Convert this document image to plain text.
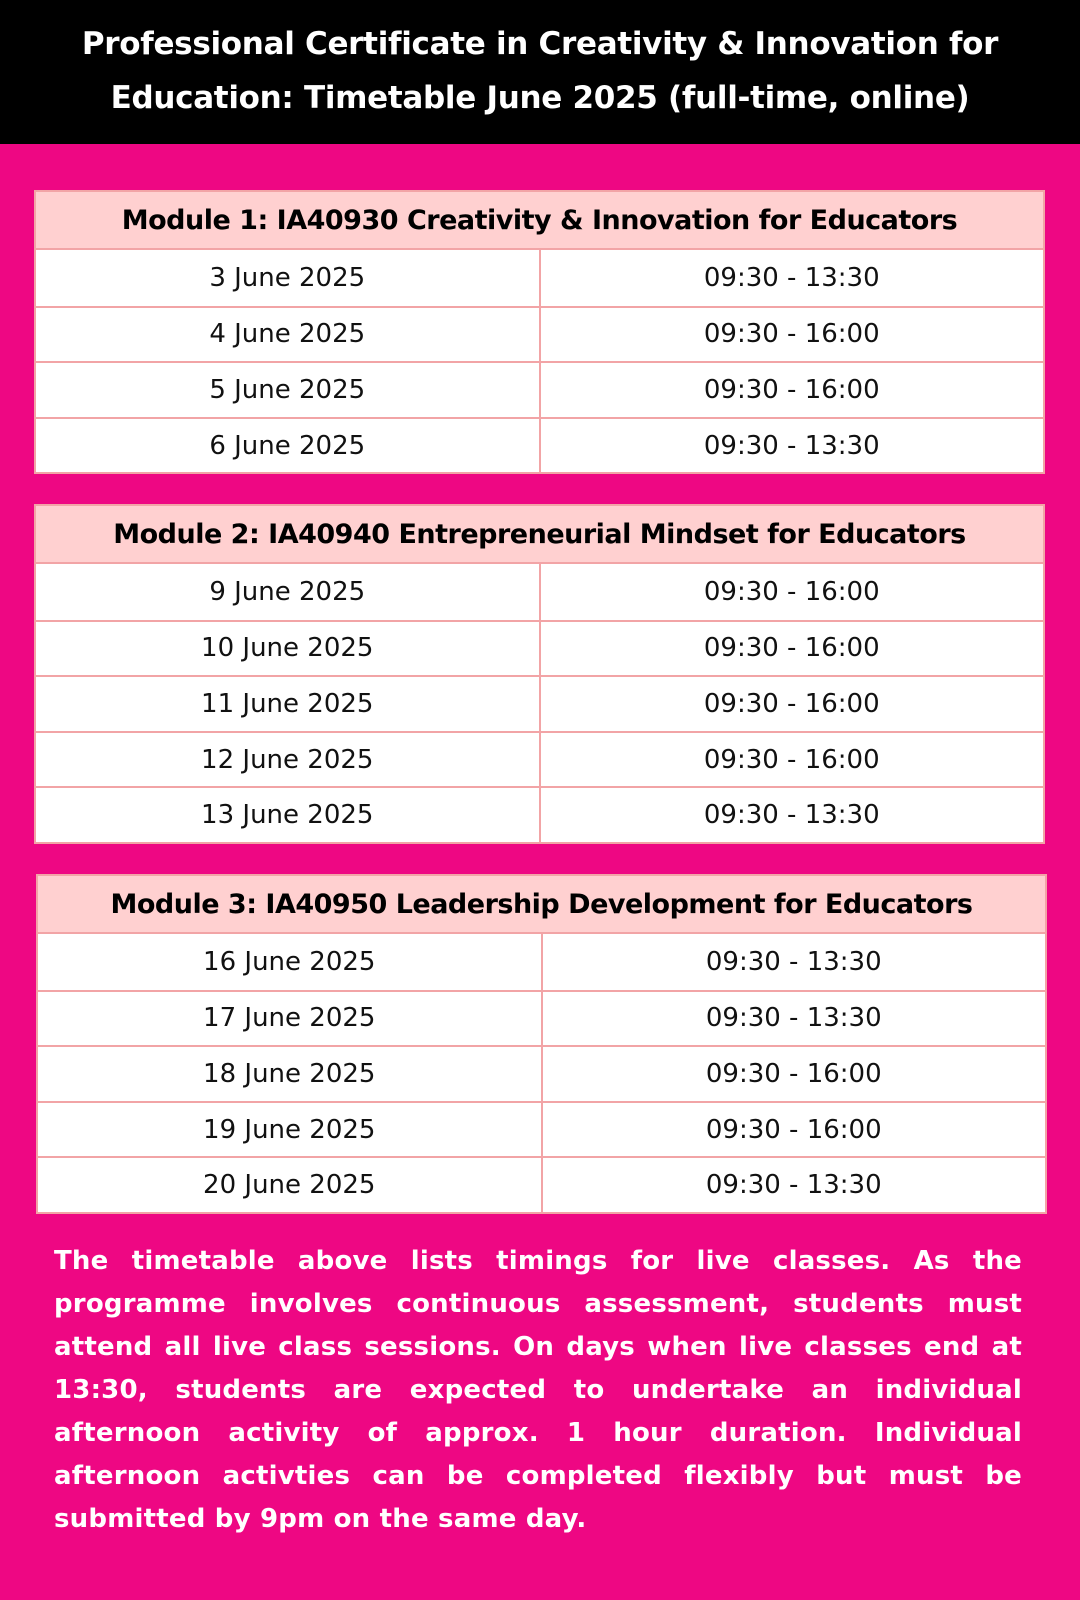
Professional Certificate in Creativity & Innovation for Education: Timetable June 2025 (full-time, online)
Module 1: IA40930 Creativity & Innovation for Educators
3 June 2025	09:30 - 13:30
4 June 2025	09:30 - 16:00
5 June 2025	09:30 - 16:00
6 June 2025	09:30 - 13:30
Module 2: IA40940 Entrepreneurial Mindset for Educators
9 June 2025	09:30 - 16:00
10 June 2025	09:30 - 16:00
11 June 2025	09:30 - 16:00
12 June 2025	09:30 - 16:00
13 June 2025	09:30 - 13:30
Module 3: IA40950 Leadership Development for Educators
16 June 2025	09:30 - 13:30
17 June 2025	09:30 - 13:30
18 June 2025	09:30 - 16:00
19 June 2025	09:30 - 16:00
20 June 2025	09:30 - 13:30
The timetable above lists timings for live classes. As the programme involves continuous assessment, students must attend all live class sessions. On days when live classes end at 13:30, students are expected to undertake an individual afternoon activity of approx. 1 hour duration. Individual afternoon activties can be completed flexibly but must be submitted by 9pm on the same day.
